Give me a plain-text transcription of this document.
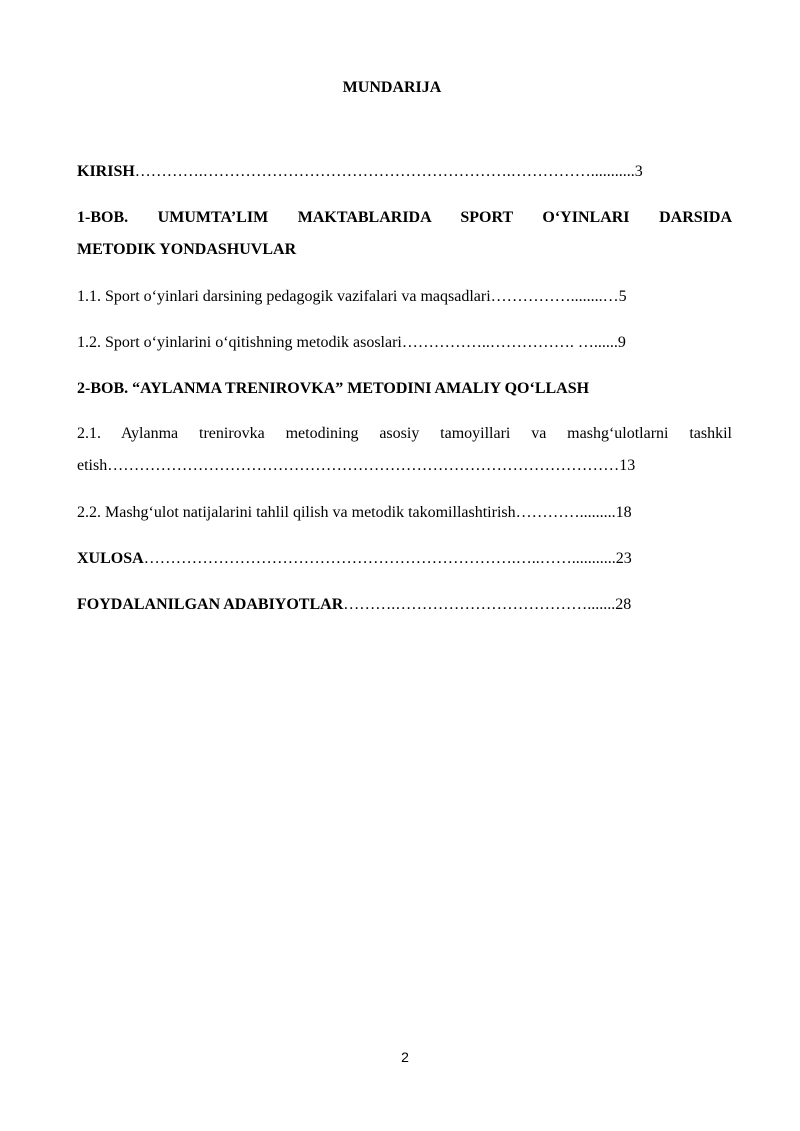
MUNDARIJA
KIRISH………….………………………………………………….……………...........3
1-BOB. UMUMTA’LIM MAKTABLARIDA SPORT O‘YINLARI DARSIDA
METODIK YONDASHUVLAR
1.1. Sport o‘yinlari darsining pedagogik vazifalari va maqsadlari……………........…5
1.2. Sport o‘yinlarini o‘qitishning metodik asoslari……………..……………. …......9
2-BOB. “AYLANMA TRENIROVKA” METODINI AMALIY QO‘LLASH
2.1. Aylanma trenirovka metodining asosiy tamoyillari va mashg‘ulotlarni tashkil
etish……………………………………………………………………………………13
2.2. Mashg‘ulot natijalarini tahlil qilish va metodik takomillashtirish………….........18
XULOSA…………………………………………………………….…..……...........23
FOYDALANILGAN ADABIYOTLAR……….……………………………….......28
2
